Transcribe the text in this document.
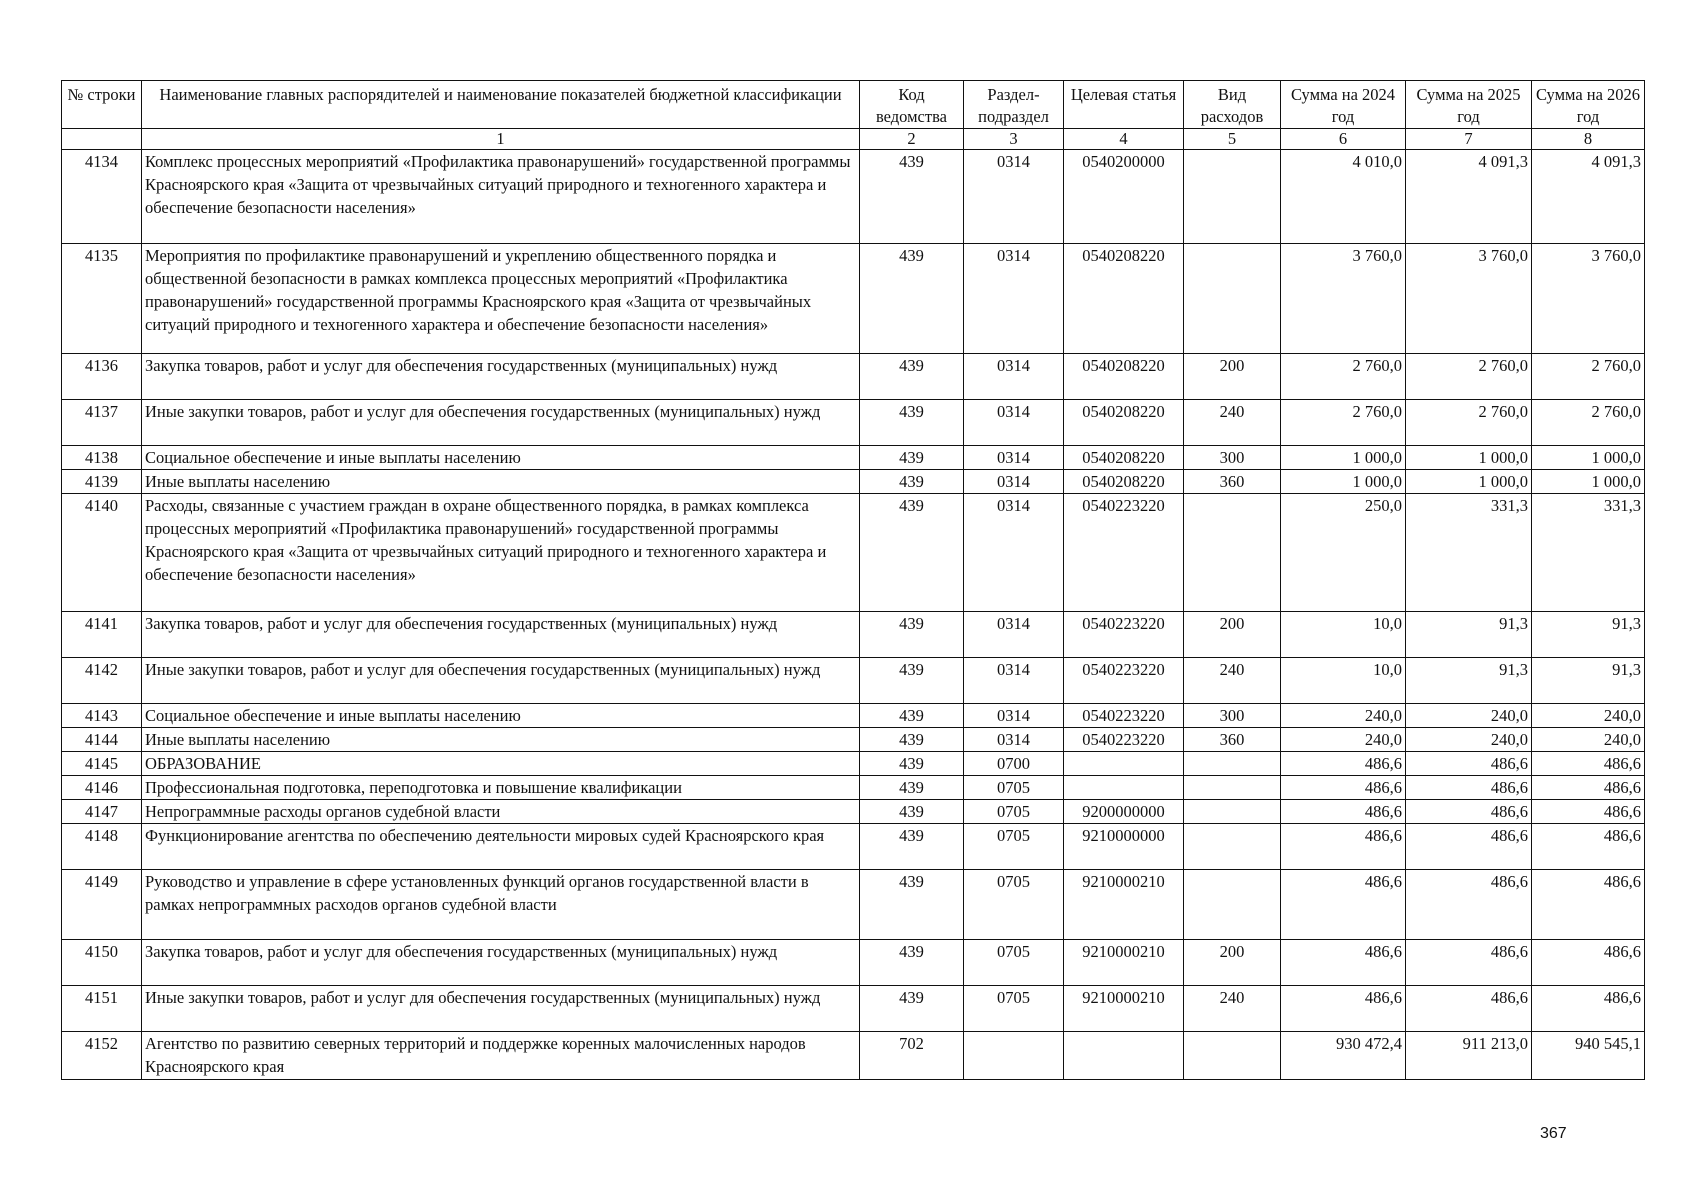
№ строки	Наименование главных распорядителей и наименование показателей бюджетной классификации	Код ведомства	Раздел-подраздел	Целевая статья	Вид расходов	Сумма на 2024 год	Сумма на 2025 год	Сумма на 2026 год
	1	2	3	4	5	6	7	8
4134	Комплекс процессных мероприятий «Профилактика правонарушений» государственной программы Красноярского края «Защита от чрезвычайных ситуаций природного и техногенного характера и обеспечение безопасности населения»	439	0314	0540200000		4 010,0	4 091,3	4 091,3
4135	Мероприятия по профилактике правонарушений и укреплению общественного порядка и общественной безопасности в рамках комплекса процессных мероприятий «Профилактика правонарушений» государственной программы Красноярского края «Защита от чрезвычайных ситуаций природного и техногенного характера и обеспечение безопасности населения»	439	0314	0540208220		3 760,0	3 760,0	3 760,0
4136	Закупка товаров, работ и услуг для обеспечения государственных (муниципальных) нужд	439	0314	0540208220	200	2 760,0	2 760,0	2 760,0
4137	Иные закупки товаров, работ и услуг для обеспечения государственных (муниципальных) нужд	439	0314	0540208220	240	2 760,0	2 760,0	2 760,0
4138	Социальное обеспечение и иные выплаты населению	439	0314	0540208220	300	1 000,0	1 000,0	1 000,0
4139	Иные выплаты населению	439	0314	0540208220	360	1 000,0	1 000,0	1 000,0
4140	Расходы, связанные с участием граждан в охране общественного порядка, в рамках комплекса процессных мероприятий «Профилактика правонарушений» государственной программы Красноярского края «Защита от чрезвычайных ситуаций природного и техногенного характера и обеспечение безопасности населения»	439	0314	0540223220		250,0	331,3	331,3
4141	Закупка товаров, работ и услуг для обеспечения государственных (муниципальных) нужд	439	0314	0540223220	200	10,0	91,3	91,3
4142	Иные закупки товаров, работ и услуг для обеспечения государственных (муниципальных) нужд	439	0314	0540223220	240	10,0	91,3	91,3
4143	Социальное обеспечение и иные выплаты населению	439	0314	0540223220	300	240,0	240,0	240,0
4144	Иные выплаты населению	439	0314	0540223220	360	240,0	240,0	240,0
4145	ОБРАЗОВАНИЕ	439	0700			486,6	486,6	486,6
4146	Профессиональная подготовка, переподготовка и повышение квалификации	439	0705			486,6	486,6	486,6
4147	Непрограммные расходы органов судебной власти	439	0705	9200000000		486,6	486,6	486,6
4148	Функционирование агентства по обеспечению деятельности мировых судей Красноярского края	439	0705	9210000000		486,6	486,6	486,6
4149	Руководство и управление в сфере установленных функций органов государственной власти в рамках непрограммных расходов органов судебной власти	439	0705	9210000210		486,6	486,6	486,6
4150	Закупка товаров, работ и услуг для обеспечения государственных (муниципальных) нужд	439	0705	9210000210	200	486,6	486,6	486,6
4151	Иные закупки товаров, работ и услуг для обеспечения государственных (муниципальных) нужд	439	0705	9210000210	240	486,6	486,6	486,6
4152	Агентство по развитию северных территорий и поддержке коренных малочисленных народов Красноярского края	702				930 472,4	911 213,0	940 545,1
367
